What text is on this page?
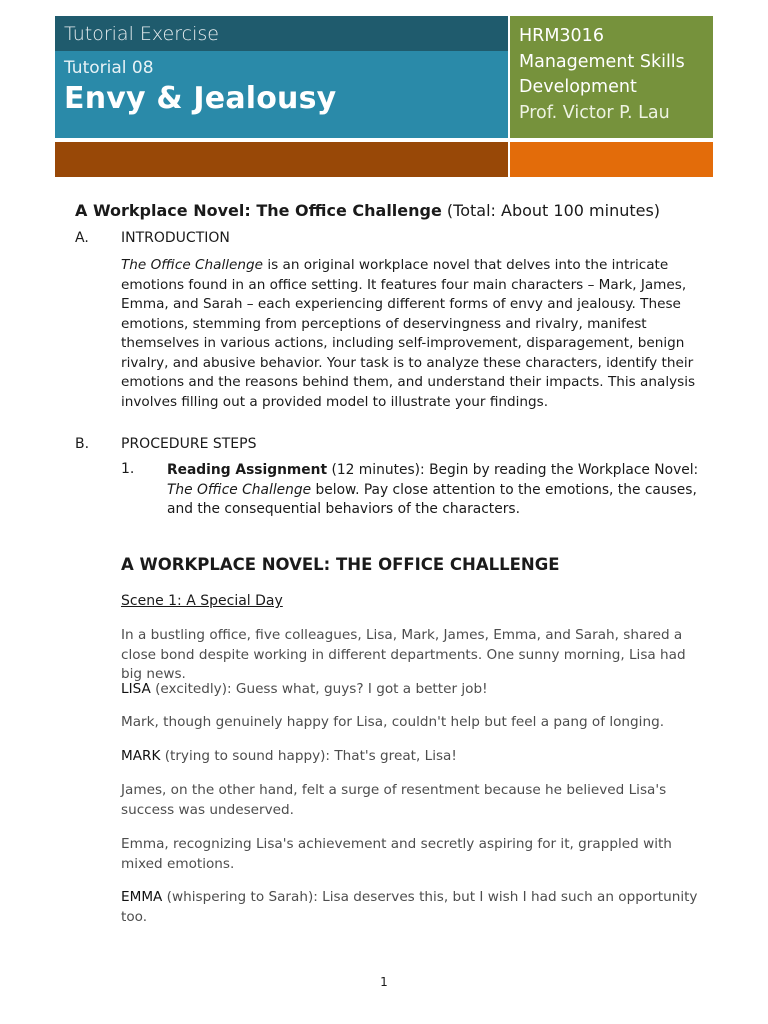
Tutorial Exercise
Tutorial 08
Envy & Jealousy
HRM3016
Management Skills
Development
Prof. Victor P. Lau
A Workplace Novel: The Office Challenge (Total: About 100 minutes)
A. INTRODUCTION
The Office Challenge is an original workplace novel that delves into the intricate emotions found in an office setting. It features four main characters – Mark, James, Emma, and Sarah – each experiencing different forms of envy and jealousy. These emotions, stemming from perceptions of deservingness and rivalry, manifest themselves in various actions, including self-improvement, disparagement, benign rivalry, and abusive behavior. Your task is to analyze these characters, identify their emotions and the reasons behind them, and understand their impacts. This analysis involves filling out a provided model to illustrate your findings.
B. PROCEDURE STEPS
1. Reading Assignment (12 minutes): Begin by reading the Workplace Novel: The Office Challenge below. Pay close attention to the emotions, the causes, and the consequential behaviors of the characters.
A WORKPLACE NOVEL: THE OFFICE CHALLENGE
Scene 1: A Special Day
In a bustling office, five colleagues, Lisa, Mark, James, Emma, and Sarah, shared a close bond despite working in different departments. One sunny morning, Lisa had big news.
LISA (excitedly): Guess what, guys? I got a better job!
Mark, though genuinely happy for Lisa, couldn't help but feel a pang of longing.
MARK (trying to sound happy): That's great, Lisa!
James, on the other hand, felt a surge of resentment because he believed Lisa's success was undeserved.
Emma, recognizing Lisa's achievement and secretly aspiring for it, grappled with mixed emotions.
EMMA (whispering to Sarah): Lisa deserves this, but I wish I had such an opportunity too.
1
